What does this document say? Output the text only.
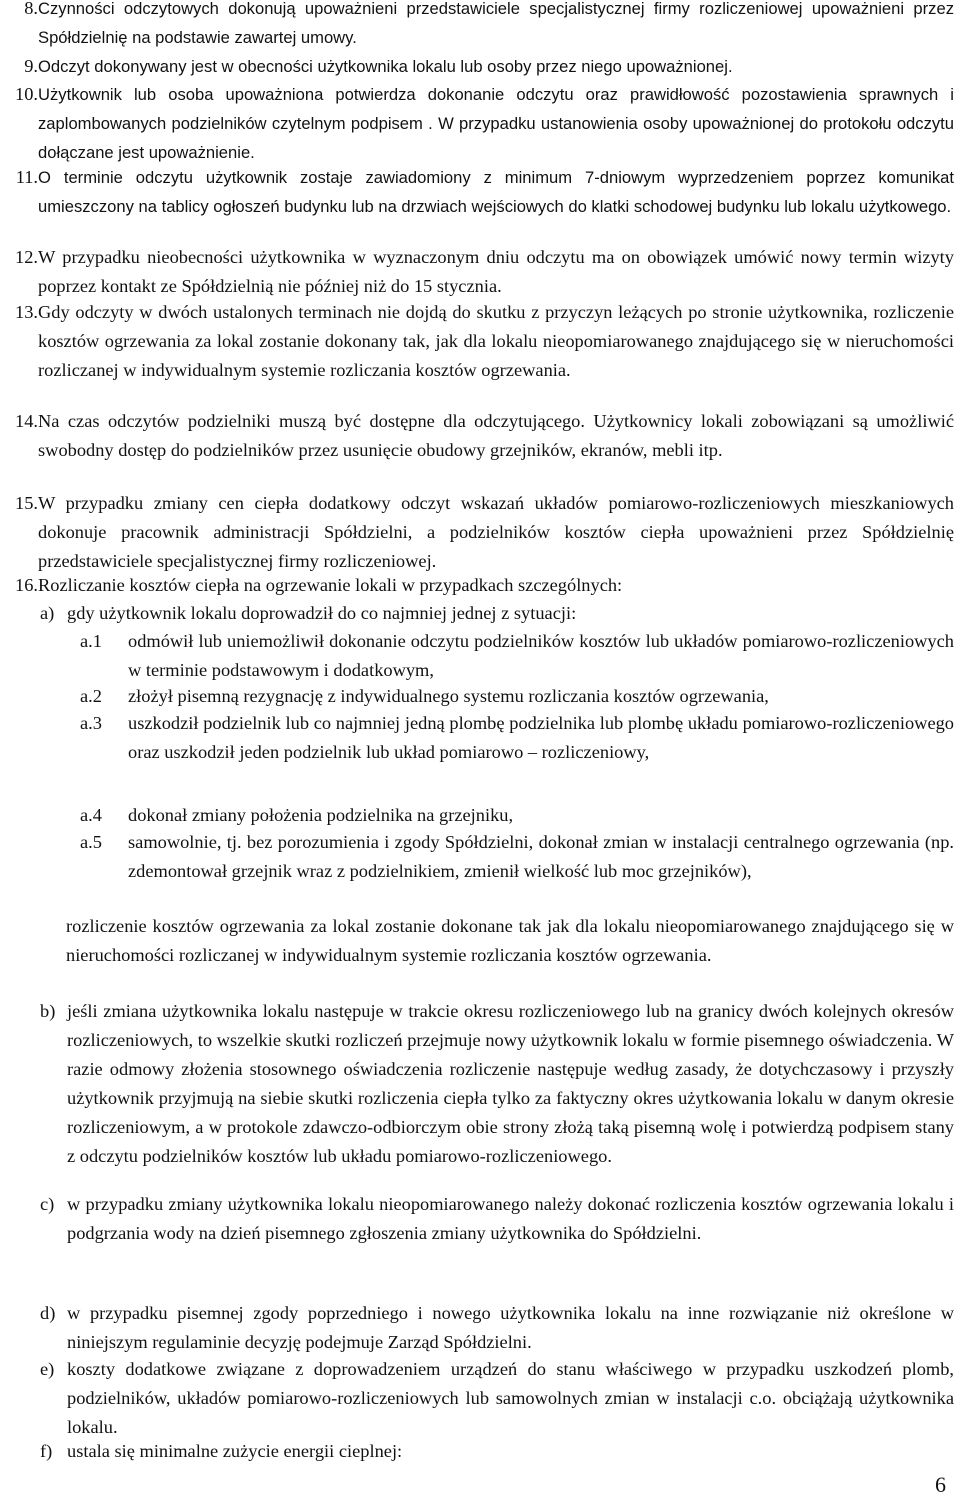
8. Czynności odczytowych dokonują upoważnieni przedstawiciele specjalistycznej firmy rozliczeniowej upoważnieni przez Spółdzielnię na podstawie zawartej umowy.
9. Odczyt dokonywany jest w obecności użytkownika lokalu lub osoby przez niego upoważnionej.
10. Użytkownik lub osoba upoważniona potwierdza dokonanie odczytu oraz prawidłowość pozostawienia sprawnych i zaplombowanych podzielników czytelnym podpisem . W przypadku ustanowienia osoby upoważnionej do protokołu odczytu dołączane jest upoważnienie.
11. O terminie odczytu użytkownik zostaje zawiadomiony z minimum 7-dniowym wyprzedzeniem poprzez komunikat umieszczony na tablicy ogłoszeń budynku lub na drzwiach wejściowych do klatki schodowej budynku lub lokalu użytkowego.
12. W przypadku nieobecności użytkownika w wyznaczonym dniu odczytu ma on obowiązek umówić nowy termin wizyty poprzez kontakt ze Spółdzielnią nie później niż do 15 stycznia.
13. Gdy odczyty w dwóch ustalonych terminach nie dojdą do skutku z przyczyn leżących po stronie użytkownika, rozliczenie kosztów ogrzewania za lokal zostanie dokonany tak, jak dla lokalu nieopomiarowanego znajdującego się w nieruchomości rozliczanej w indywidualnym systemie rozliczania kosztów ogrzewania.
14. Na czas odczytów podzielniki muszą być dostępne dla odczytującego. Użytkownicy lokali zobowiązani są umożliwić swobodny dostęp do podzielników przez usunięcie obudowy grzejników, ekranów, mebli itp.
15. W przypadku zmiany cen ciepła dodatkowy odczyt wskazań układów pomiarowo-rozliczeniowych mieszkaniowych dokonuje pracownik administracji Spółdzielni, a podzielników kosztów ciepła upoważnieni przez Spółdzielnię przedstawiciele specjalistycznej firmy rozliczeniowej.
16. Rozliczanie kosztów ciepła na ogrzewanie lokali w przypadkach szczególnych:
a) gdy użytkownik lokalu doprowadził do co najmniej jednej z sytuacji:
a.1	odmówił lub uniemożliwił dokonanie odczytu podzielników kosztów lub układów pomiarowo-rozliczeniowych w terminie podstawowym i dodatkowym,
a.2	złożył pisemną rezygnację z indywidualnego systemu rozliczania kosztów ogrzewania,
a.3	uszkodził podzielnik lub co najmniej jedną plombę podzielnika lub plombę układu pomiarowo-rozliczeniowego oraz uszkodził jeden podzielnik lub układ pomiarowo – rozliczeniowy,
a.4	dokonał zmiany położenia podzielnika na grzejniku,
a.5	samowolnie, tj. bez porozumienia i zgody Spółdzielni, dokonał zmian w instalacji centralnego ogrzewania (np. zdemontował grzejnik wraz z podzielnikiem, zmienił wielkość lub moc grzejników),
rozliczenie kosztów ogrzewania za lokal zostanie dokonane tak jak dla lokalu nieopomiarowanego znajdującego się w nieruchomości rozliczanej w indywidualnym systemie rozliczania kosztów ogrzewania.
b) jeśli zmiana użytkownika lokalu następuje w trakcie okresu rozliczeniowego lub na granicy dwóch kolejnych okresów rozliczeniowych, to wszelkie skutki rozliczeń przejmuje nowy użytkownik lokalu w formie pisemnego oświadczenia. W razie odmowy złożenia stosownego oświadczenia rozliczenie następuje według zasady, że dotychczasowy i przyszły użytkownik przyjmują na siebie skutki rozliczenia ciepła tylko za faktyczny okres użytkowania lokalu w danym okresie rozliczeniowym, a w protokole zdawczo-odbiorczym obie strony złożą taką pisemną wolę i potwierdzą podpisem stany z odczytu podzielników kosztów lub układu pomiarowo-rozliczeniowego.
c) w przypadku zmiany użytkownika lokalu nieopomiarowanego należy dokonać rozliczenia kosztów ogrzewania lokalu i podgrzania wody na dzień pisemnego zgłoszenia zmiany użytkownika do Spółdzielni.
d) w przypadku pisemnej zgody poprzedniego i nowego użytkownika lokalu na inne rozwiązanie niż określone w niniejszym regulaminie decyzję podejmuje Zarząd Spółdzielni.
e) koszty dodatkowe związane z doprowadzeniem urządzeń do stanu właściwego w przypadku uszkodzeń plomb, podzielników, układów pomiarowo-rozliczeniowych lub samowolnych zmian w instalacji c.o. obciążają użytkownika lokalu.
f) ustala się minimalne zużycie energii cieplnej:
6
